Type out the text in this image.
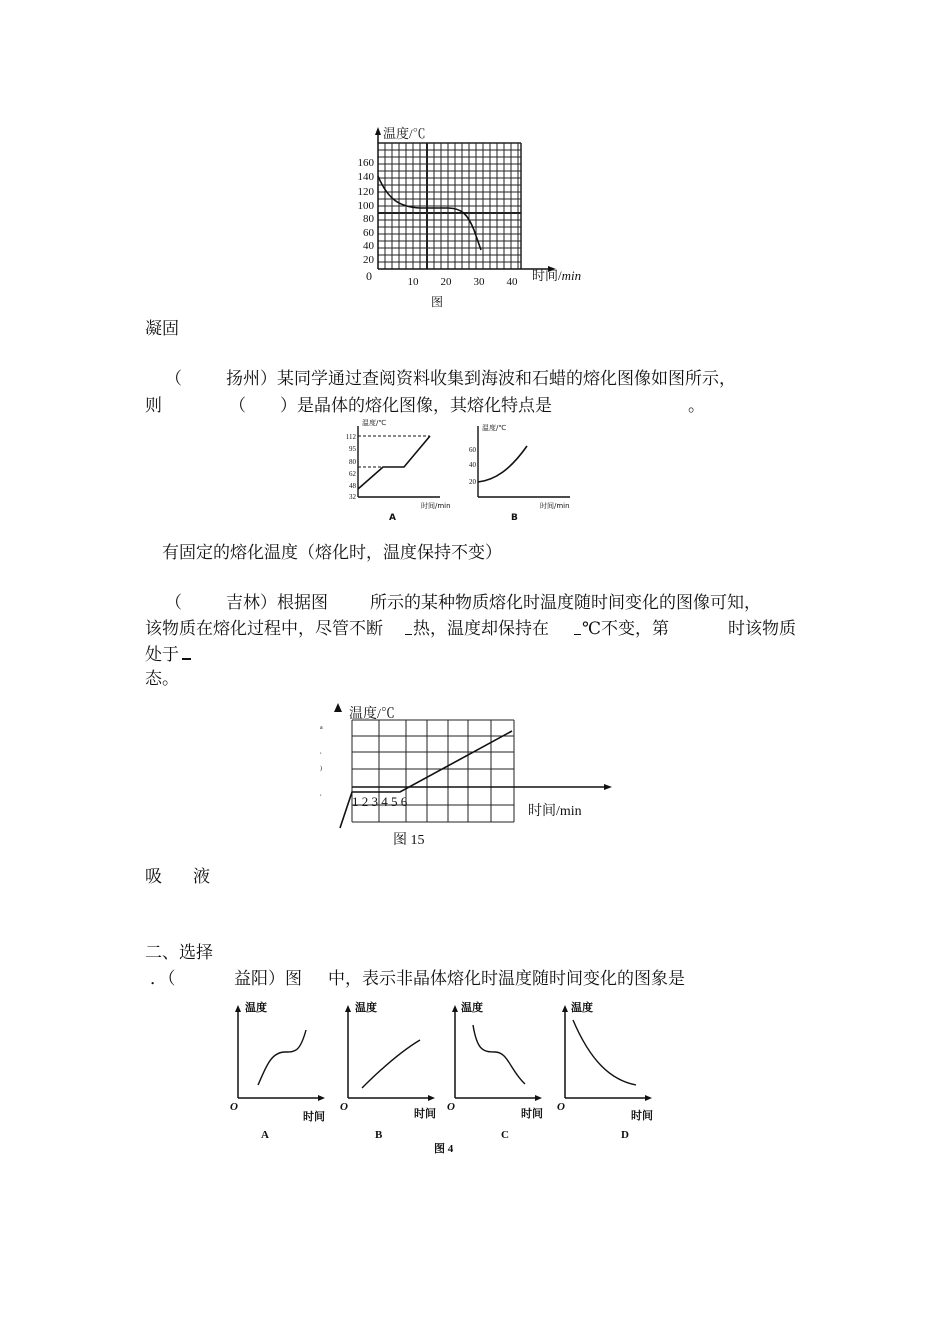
温度/℃
160
140
120
100
80
60
40
20
0	10 20 30 40 时间/min
图
凝固
（	扬州）某同学通过查阅资料收集到海波和石蜡的熔化图像如图所示，
则	（　　）是晶体的熔化图像，其熔化特点是	。
112
95
80
62
48
32
温度/℃
时间/min
A
60
40
20
温度/℃
时间/min
B
有固定的熔化温度（熔化时，温度保持不变）
（	吉林）根据图 所示的某种物质熔化时温度随时间变化的图像可知，
该物质在熔化过程中，尽管不断 热，温度却保持在 ℃不变，第	时该物质
处于
态。
a
,
)
,
温度/℃
1 2 3 4 5 6
时间/min
图 15
吸 液
二、选择
．（	益阳）图 中，表示非晶体熔化时温度随时间变化的图象是
温度	温度	温度	温度
时间	时间	时间	时间
O	O	O	O
A	B	C	D
图 4
